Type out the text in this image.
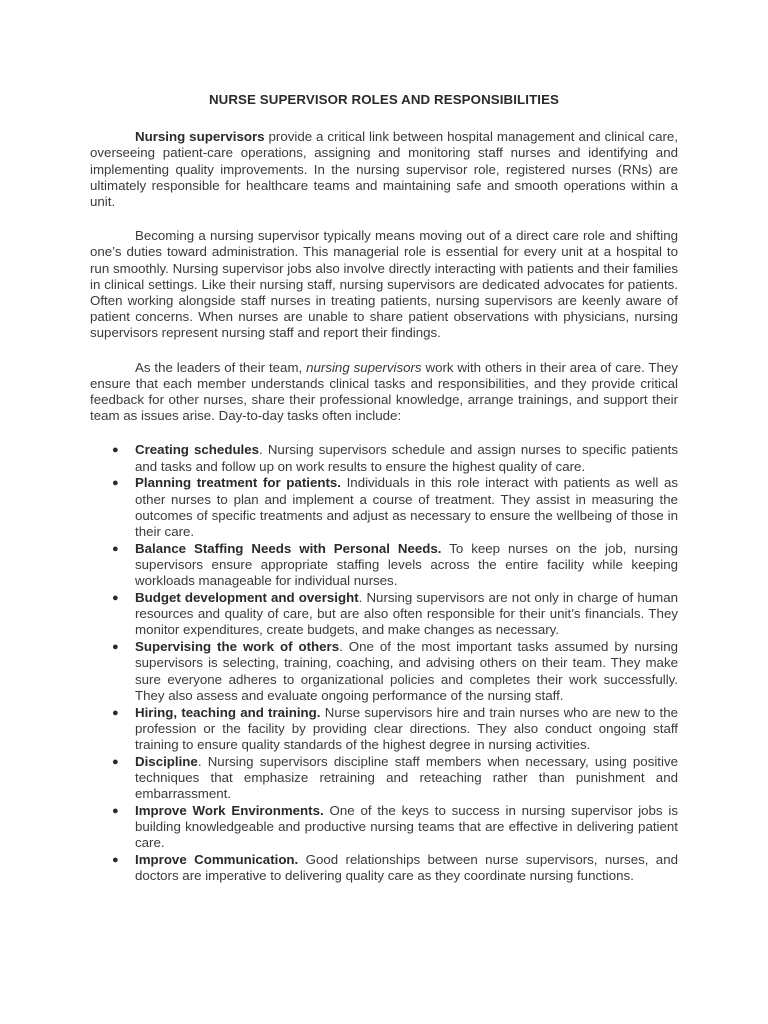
NURSE SUPERVISOR ROLES AND RESPONSIBILITIES

Nursing supervisors provide a critical link between hospital management and clinical care, overseeing patient-care operations, assigning and monitoring staff nurses and identifying and implementing quality improvements. In the nursing supervisor role, registered nurses (RNs) are ultimately responsible for healthcare teams and maintaining safe and smooth operations within a unit.

Becoming a nursing supervisor typically means moving out of a direct care role and shifting one’s duties toward administration. This managerial role is essential for every unit at a hospital to run smoothly. Nursing supervisor jobs also involve directly interacting with patients and their families in clinical settings. Like their nursing staff, nursing supervisors are dedicated advocates for patients. Often working alongside staff nurses in treating patients, nursing supervisors are keenly aware of patient concerns. When nurses are unable to share patient observations with physicians, nursing supervisors represent nursing staff and report their findings.

As the leaders of their team, nursing supervisors work with others in their area of care. They ensure that each member understands clinical tasks and responsibilities, and they provide critical feedback for other nurses, share their professional knowledge, arrange trainings, and support their team as issues arise. Day-to-day tasks often include:

● Creating schedules. Nursing supervisors schedule and assign nurses to specific patients and tasks and follow up on work results to ensure the highest quality of care.
● Planning treatment for patients. Individuals in this role interact with patients as well as other nurses to plan and implement a course of treatment. They assist in measuring the outcomes of specific treatments and adjust as necessary to ensure the wellbeing of those in their care.
● Balance Staffing Needs with Personal Needs. To keep nurses on the job, nursing supervisors ensure appropriate staffing levels across the entire facility while keeping workloads manageable for individual nurses.
● Budget development and oversight. Nursing supervisors are not only in charge of human resources and quality of care, but are also often responsible for their unit’s financials. They monitor expenditures, create budgets, and make changes as necessary.
● Supervising the work of others. One of the most important tasks assumed by nursing supervisors is selecting, training, coaching, and advising others on their team. They make sure everyone adheres to organizational policies and completes their work successfully. They also assess and evaluate ongoing performance of the nursing staff.
● Hiring, teaching and training. Nurse supervisors hire and train nurses who are new to the profession or the facility by providing clear directions. They also conduct ongoing staff training to ensure quality standards of the highest degree in nursing activities.
● Discipline. Nursing supervisors discipline staff members when necessary, using positive techniques that emphasize retraining and reteaching rather than punishment and embarrassment.
● Improve Work Environments. One of the keys to success in nursing supervisor jobs is building knowledgeable and productive nursing teams that are effective in delivering patient care.
● Improve Communication. Good relationships between nurse supervisors, nurses, and doctors are imperative to delivering quality care as they coordinate nursing functions.
